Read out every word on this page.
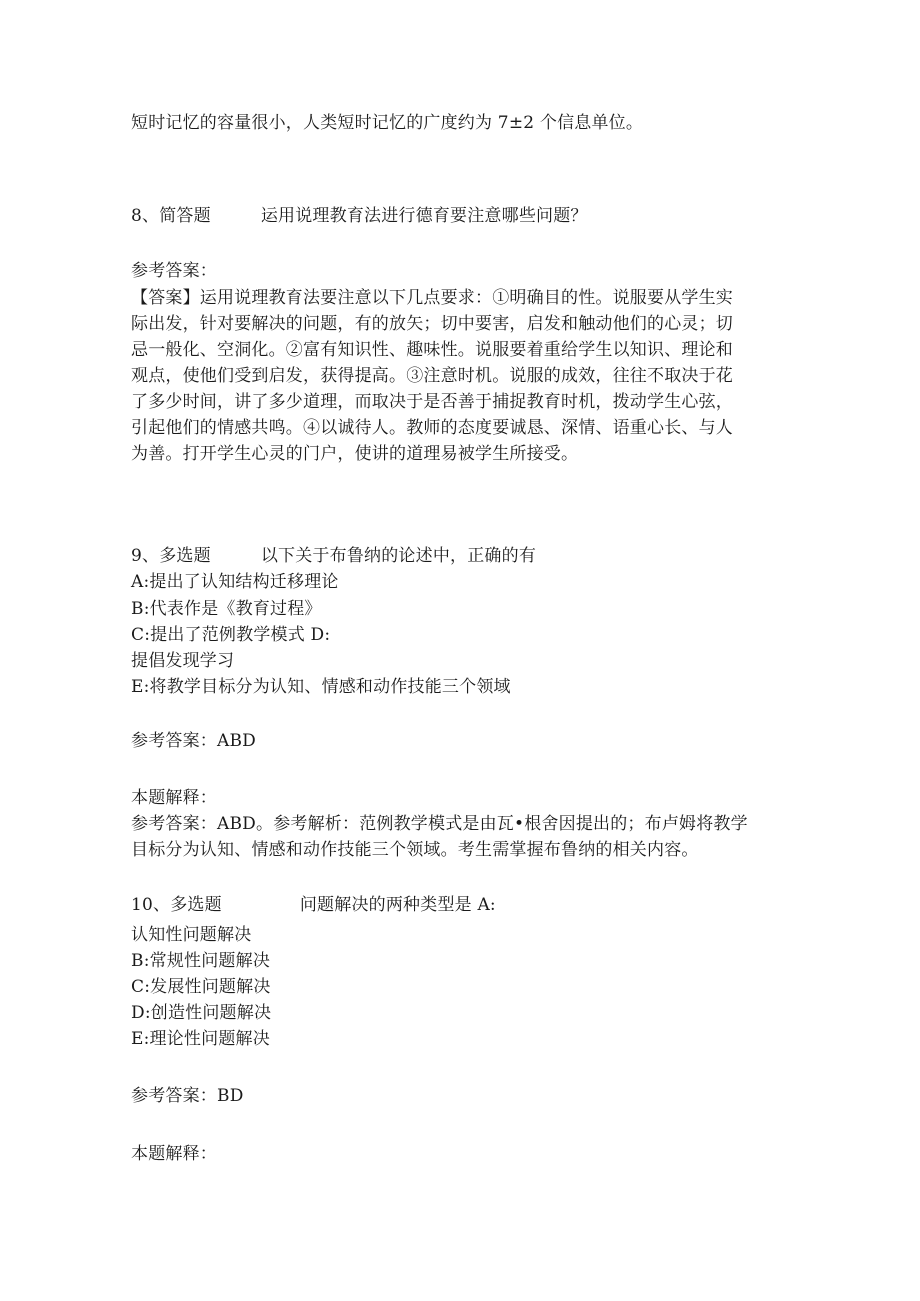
短时记忆的容量很小，人类短时记忆的广度约为 7±2 个信息单位。
8、简答题	运用说理教育法进行德育要注意哪些问题？
参考答案：
【答案】运用说理教育法要注意以下几点要求：①明确目的性。说服要从学生实
际出发，针对要解决的问题，有的放矢；切中要害，启发和触动他们的心灵；切
忌一般化、空洞化。②富有知识性、趣味性。说服要着重给学生以知识、理论和
观点，使他们受到启发，获得提高。③注意时机。说服的成效，往往不取决于花
了多少时间，讲了多少道理，而取决于是否善于捕捉教育时机，拨动学生心弦，
引起他们的情感共鸣。④以诚待人。教师的态度要诚恳、深情、语重心长、与人
为善。打开学生心灵的门户，使讲的道理易被学生所接受。
9、多选题	以下关于布鲁纳的论述中，正确的有
A:提出了认知结构迁移理论
B:代表作是《教育过程》
C:提出了范例教学模式 D:
提倡发现学习
E:将教学目标分为认知、情感和动作技能三个领域
参考答案：ABD
本题解释：
参考答案：ABD。参考解析：范例教学模式是由瓦•根舍因提出的；布卢姆将教学
目标分为认知、情感和动作技能三个领域。考生需掌握布鲁纳的相关内容。
10、多选题	问题解决的两种类型是 A:
认知性问题解决
B:常规性问题解决
C:发展性问题解决
D:创造性问题解决
E:理论性问题解决
参考答案：BD
本题解释：
